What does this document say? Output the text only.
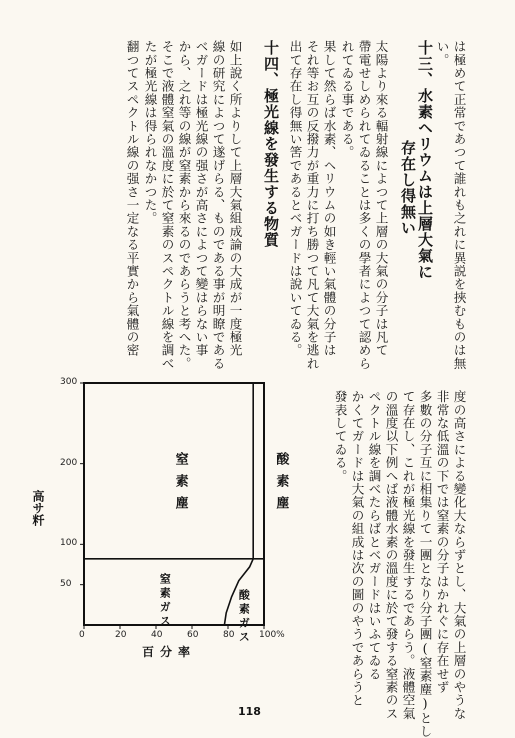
は極めて正常であつて誰れも之れに異説を挾むものは無
い。
存在し得無い
太陽より來る輻射線によつて上層の大氣の分子は凡て
帶電せしめられてゐることは多くの學者によつて認めら
れてゐる事である。
果して然らば水素、ヘリウムの如き輕い氣體の分子は
それ等お互の反撥力が重力に打ち勝つて凡て大氣を逃れ
出て存在し得無い筈であるとベガードは說いてゐる。
如上說く所よりして上層大氣組成論の大成が一度極光
線の研究によつて遂げらる、ものである事が明瞭である
ベガードは極光線の强さが高さによつて變はらない事
から、之れ等の線が窒素から來るのであらうと考へた。
そこで液體窒氣の溫度に於て窒素のスペクトル線を調べ
たが極光線は得られなかつた。
翻つてスペクトル線の强さ一定なる平實から氣體の密	十三、水素ヘリウムは上層大氣に
十四、極光線を發生する物質
度の高さによる變化大ならずとし、大氣の上層のやうな
非常な低溫の下では窒素の分子はかれぐに存在せず
多數の分子互に相集りて一團となり分子團(窒素塵)とし
て存在し、これが極光線を發生するであらう。液體空氣
の溫度以下例へば液體水素の溫度に於て發する窒素のス
ペクトル線を調べたらばとベガードはいふてゐる
かくてガードは大氣の組成は次の圖のやうであらうと
發表してゐる。
300
200
100
50
0	20	40	60	80	100%
窒素塵	酸素塵
窒素ガス	酸素ガス
高サ粁
百分率
118
